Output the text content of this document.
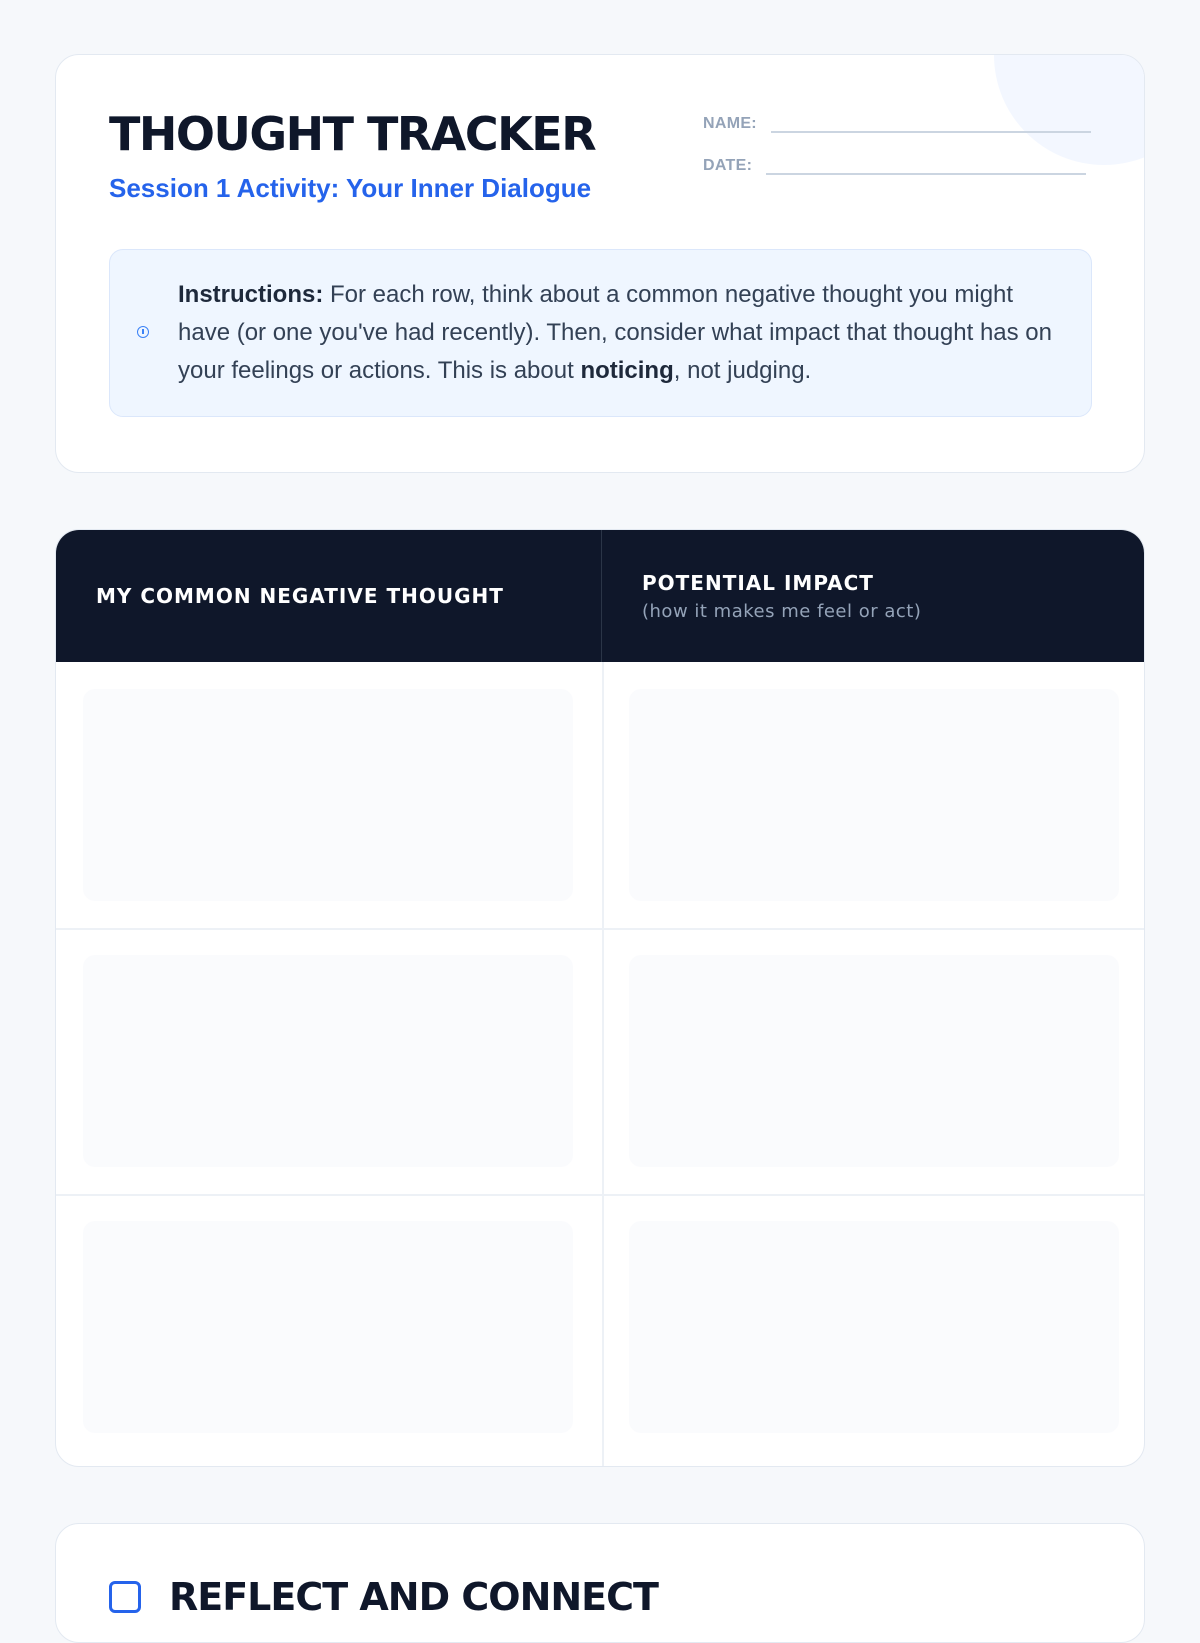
THOUGHT TRACKER
Session 1 Activity: Your Inner Dialogue
NAME:
DATE:

Instructions: For each row, think about a common negative thought you might have (or one you've had recently). Then, consider what impact that thought has on your feelings or actions. This is about noticing, not judging.

MY COMMON NEGATIVE THOUGHT
POTENTIAL IMPACT
(how it makes me feel or act)
REFLECT AND CONNECT
